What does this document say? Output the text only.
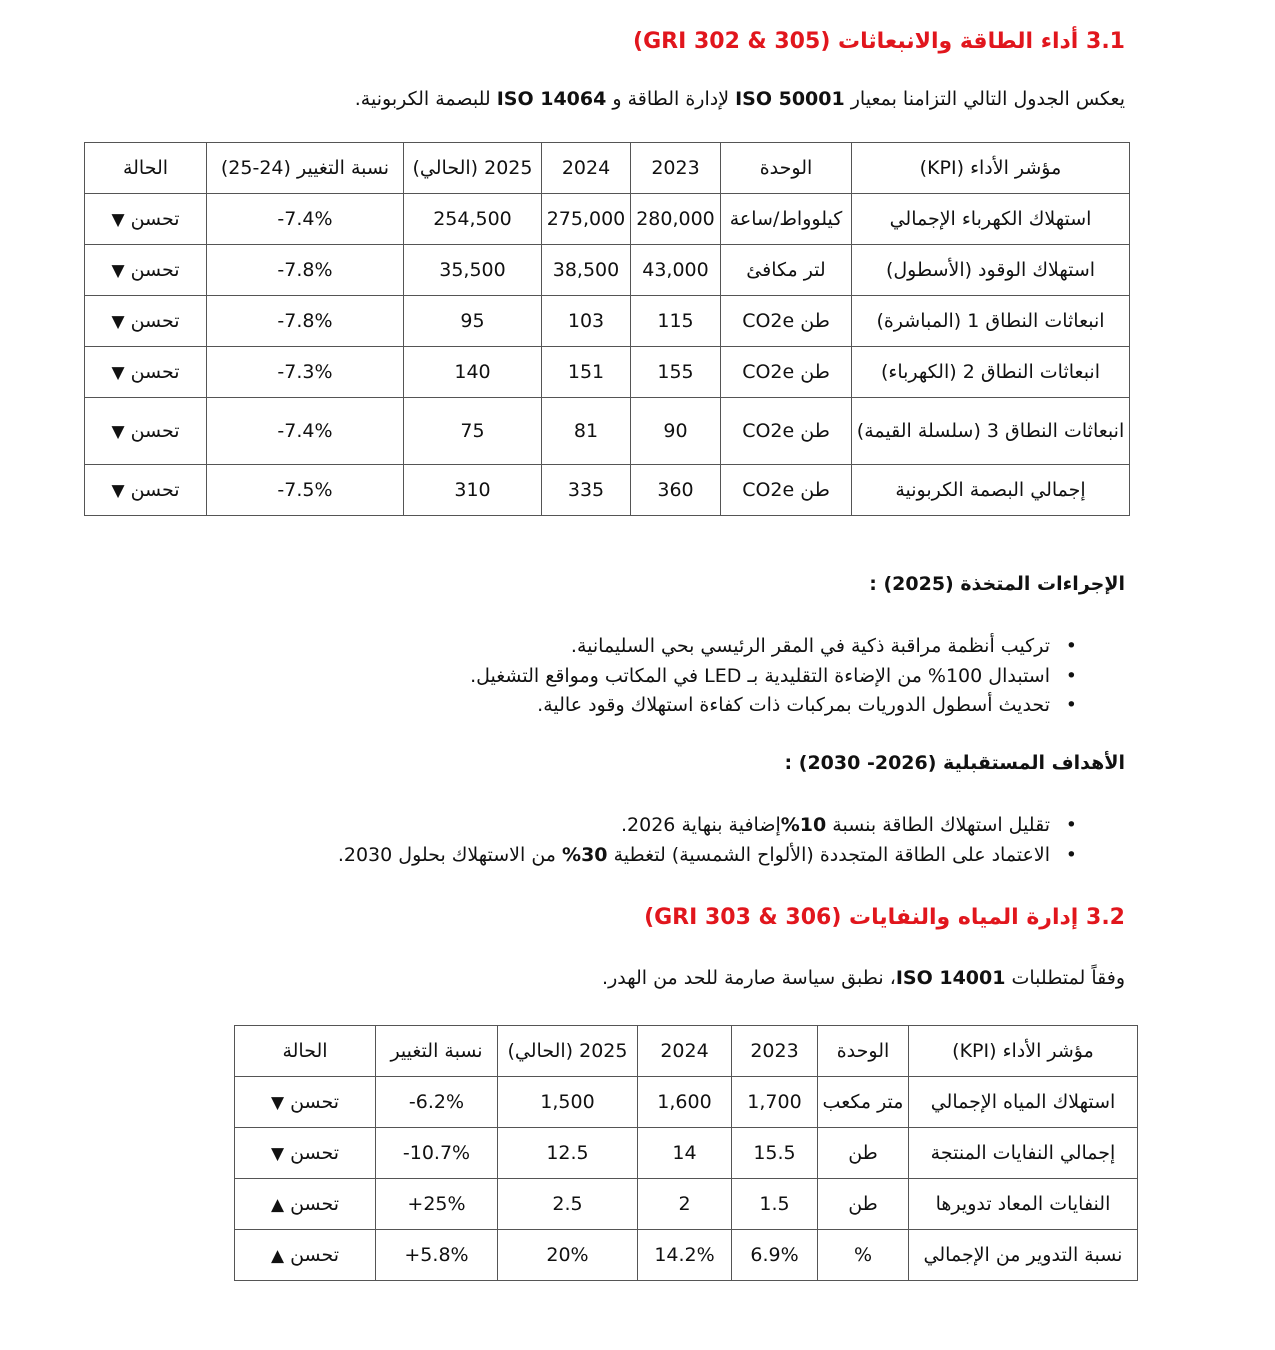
3.1 أداء الطاقة والانبعاثات (GRI 302 & 305)

يعكس الجدول التالي التزامنا بمعيار ISO 50001 لإدارة الطاقة و ISO 14064 للبصمة الكربونية.

مؤشر الأداء (KPI)	الوحدة	2023	2024	2025 (الحالي)	نسبة التغيير (24-25)	الحالة
استهلاك الكهرباء الإجمالي	كيلوواط/ساعة	280,000	275,000	254,500	-7.4%	تحسن ▼
استهلاك الوقود (الأسطول)	لتر مكافئ	43,000	38,500	35,500	-7.8%	تحسن ▼
انبعاثات النطاق 1 (المباشرة)	طن CO2e	115	103	95	-7.8%	تحسن ▼
انبعاثات النطاق 2 (الكهرباء)	طن CO2e	155	151	140	-7.3%	تحسن ▼
انبعاثات النطاق 3 (سلسلة القيمة)	طن CO2e	90	81	75	-7.4%	تحسن ▼
إجمالي البصمة الكربونية	طن CO2e	360	335	310	-7.5%	تحسن ▼
الإجراءات المتخذة (2025) :
• تركيب أنظمة مراقبة ذكية في المقر الرئيسي بحي السليمانية.
• استبدال 100% من الإضاءة التقليدية بـ LED في المكاتب ومواقع التشغيل.
• تحديث أسطول الدوريات بمركبات ذات كفاءة استهلاك وقود عالية.
الأهداف المستقبلية (2026- 2030) :
• تقليل استهلاك الطاقة بنسبة 10%إضافية بنهاية 2026.
• الاعتماد على الطاقة المتجددة (الألواح الشمسية) لتغطية 30% من الاستهلاك بحلول 2030.
3.2 إدارة المياه والنفايات (GRI 303 & 306)

وفقاً لمتطلبات ISO 14001، نطبق سياسة صارمة للحد من الهدر.

مؤشر الأداء (KPI)	الوحدة	2023	2024	2025 (الحالي)	نسبة التغيير	الحالة
استهلاك المياه الإجمالي	متر مكعب	1,700	1,600	1,500	-6.2%	تحسن ▼
إجمالي النفايات المنتجة	طن	15.5	14	12.5	-10.7%	تحسن ▼
النفايات المعاد تدويرها	طن	1.5	2	2.5	+25%	تحسن ▲
نسبة التدوير من الإجمالي	%	6.9%	14.2%	20%	+5.8%	تحسن ▲
